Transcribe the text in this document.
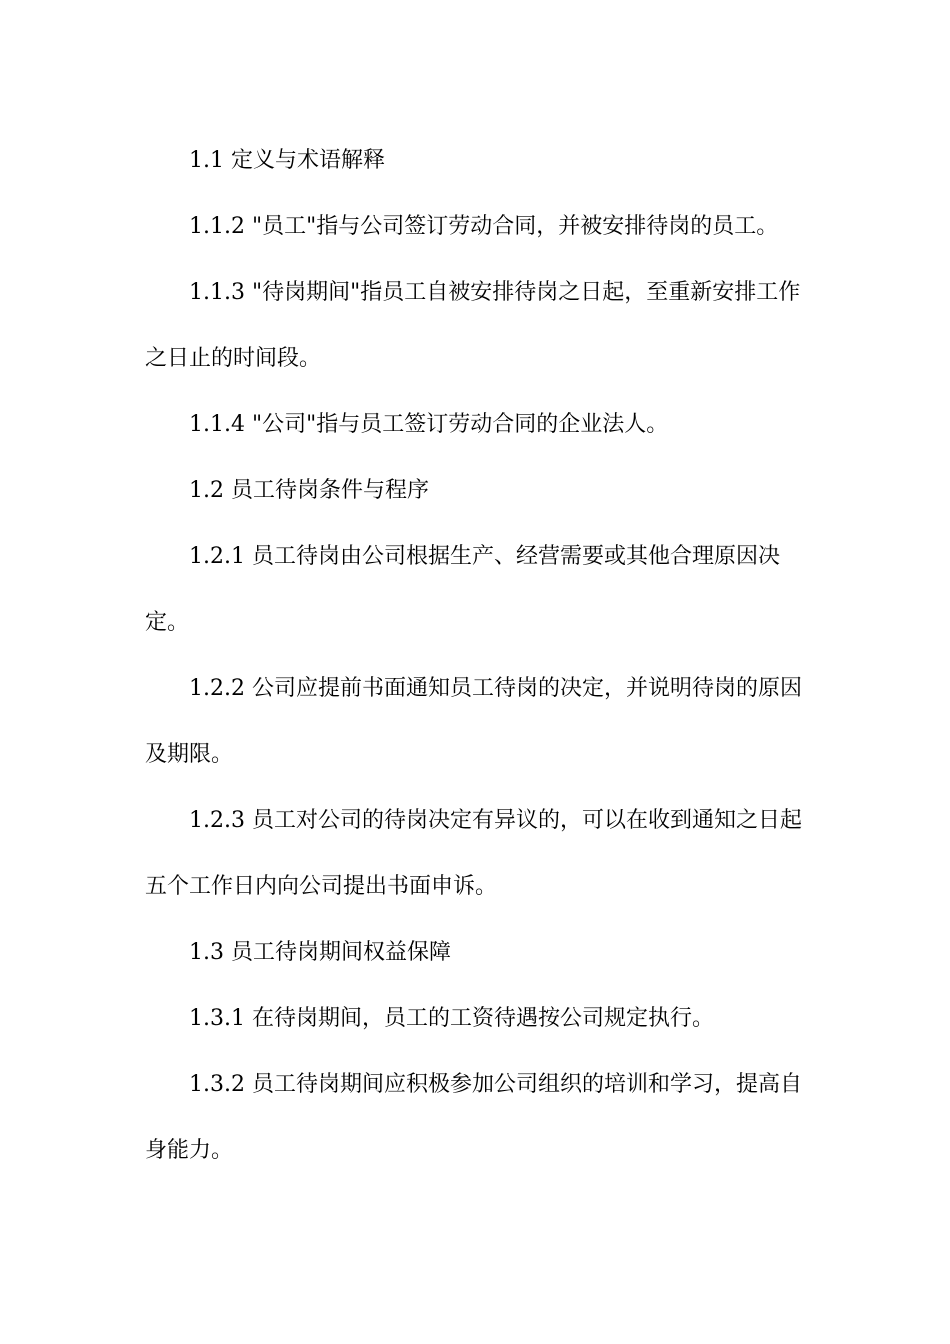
1.1 定义与术语解释

1.1.2 "员工"指与公司签订劳动合同，并被安排待岗的员工。

1.1.3 "待岗期间"指员工自被安排待岗之日起，至重新安排工作之日止的时间段。

1.1.4 "公司"指与员工签订劳动合同的企业法人。

1.2 员工待岗条件与程序

1.2.1 员工待岗由公司根据生产、经营需要或其他合理原因决定。

1.2.2 公司应提前书面通知员工待岗的决定，并说明待岗的原因及期限。

1.2.3 员工对公司的待岗决定有异议的，可以在收到通知之日起五个工作日内向公司提出书面申诉。

1.3 员工待岗期间权益保障

1.3.1 在待岗期间，员工的工资待遇按公司规定执行。

1.3.2 员工待岗期间应积极参加公司组织的培训和学习，提高自身能力。
